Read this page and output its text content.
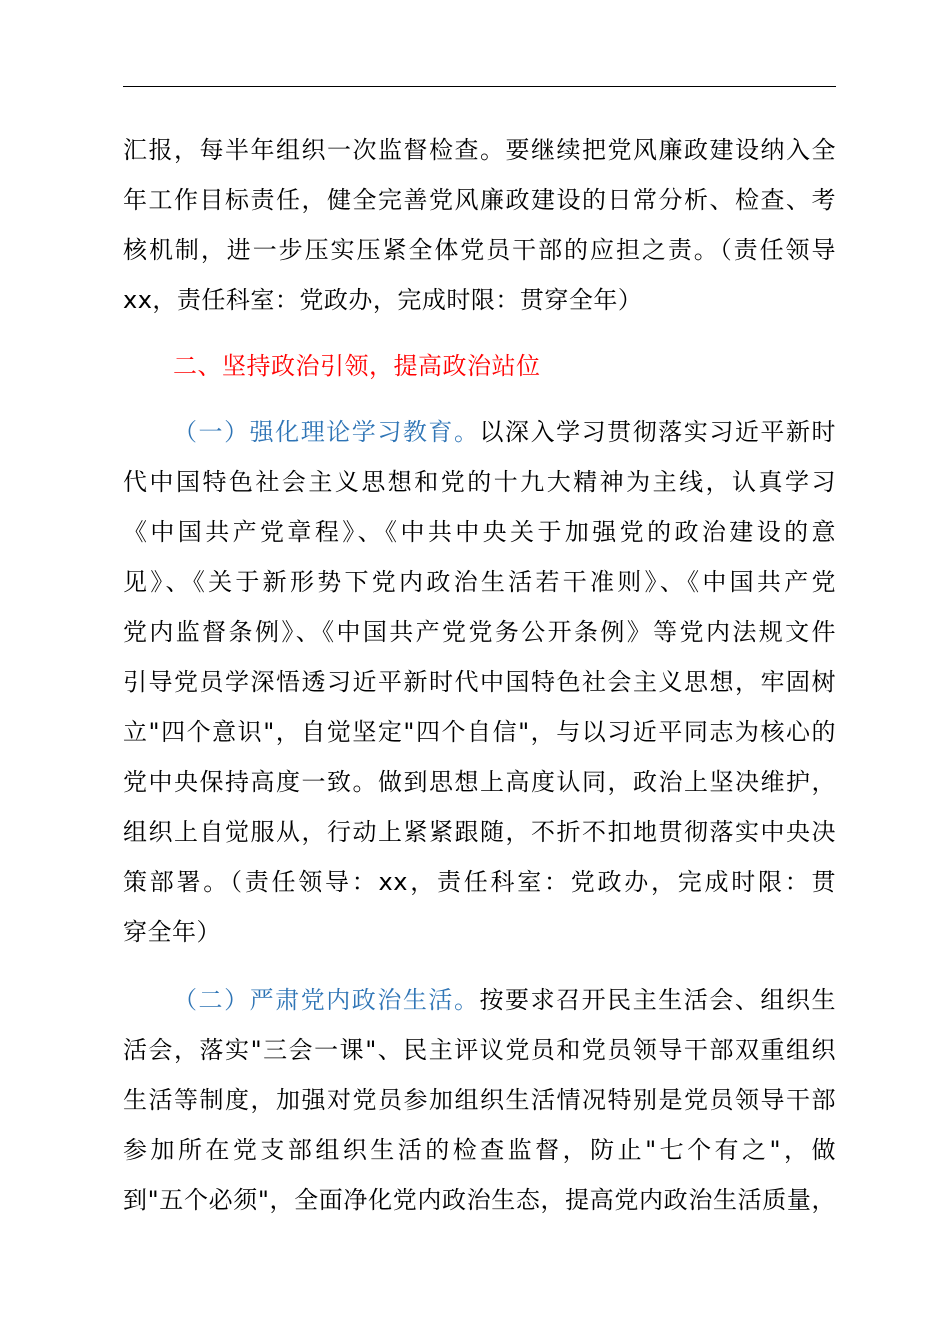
汇报，每半年组织一次监督检查。要继续把党风廉政建设纳入全
年工作目标责任，健全完善党风廉政建设的日常分析、检查、考
核机制，进一步压实压紧全体党员干部的应担之责。（责任领导
xx，责任科室：党政办，完成时限：贯穿全年）

二、坚持政治引领，提高政治站位

（一）强化理论学习教育。以深入学习贯彻落实习近平新时
代中国特色社会主义思想和党的十九大精神为主线，认真学习
《中国共产党章程》、《中共中央关于加强党的政治建设的意
见》、《关于新形势下党内政治生活若干准则》、《中国共产党
党内监督条例》、《中国共产党党务公开条例》等党内法规文件
引导党员学深悟透习近平新时代中国特色社会主义思想，牢固树
立"四个意识"，自觉坚定"四个自信"，与以习近平同志为核心的
党中央保持高度一致。做到思想上高度认同，政治上坚决维护，
组织上自觉服从，行动上紧紧跟随，不折不扣地贯彻落实中央决
策部署。（责任领导：xx，责任科室：党政办，完成时限：贯
穿全年）

（二）严肃党内政治生活。按要求召开民主生活会、组织生
活会，落实"三会一课"、民主评议党员和党员领导干部双重组织
生活等制度，加强对党员参加组织生活情况特别是党员领导干部
参加所在党支部组织生活的检查监督，防止"七个有之"，做
到"五个必须"，全面净化党内政治生态，提高党内政治生活质量，
